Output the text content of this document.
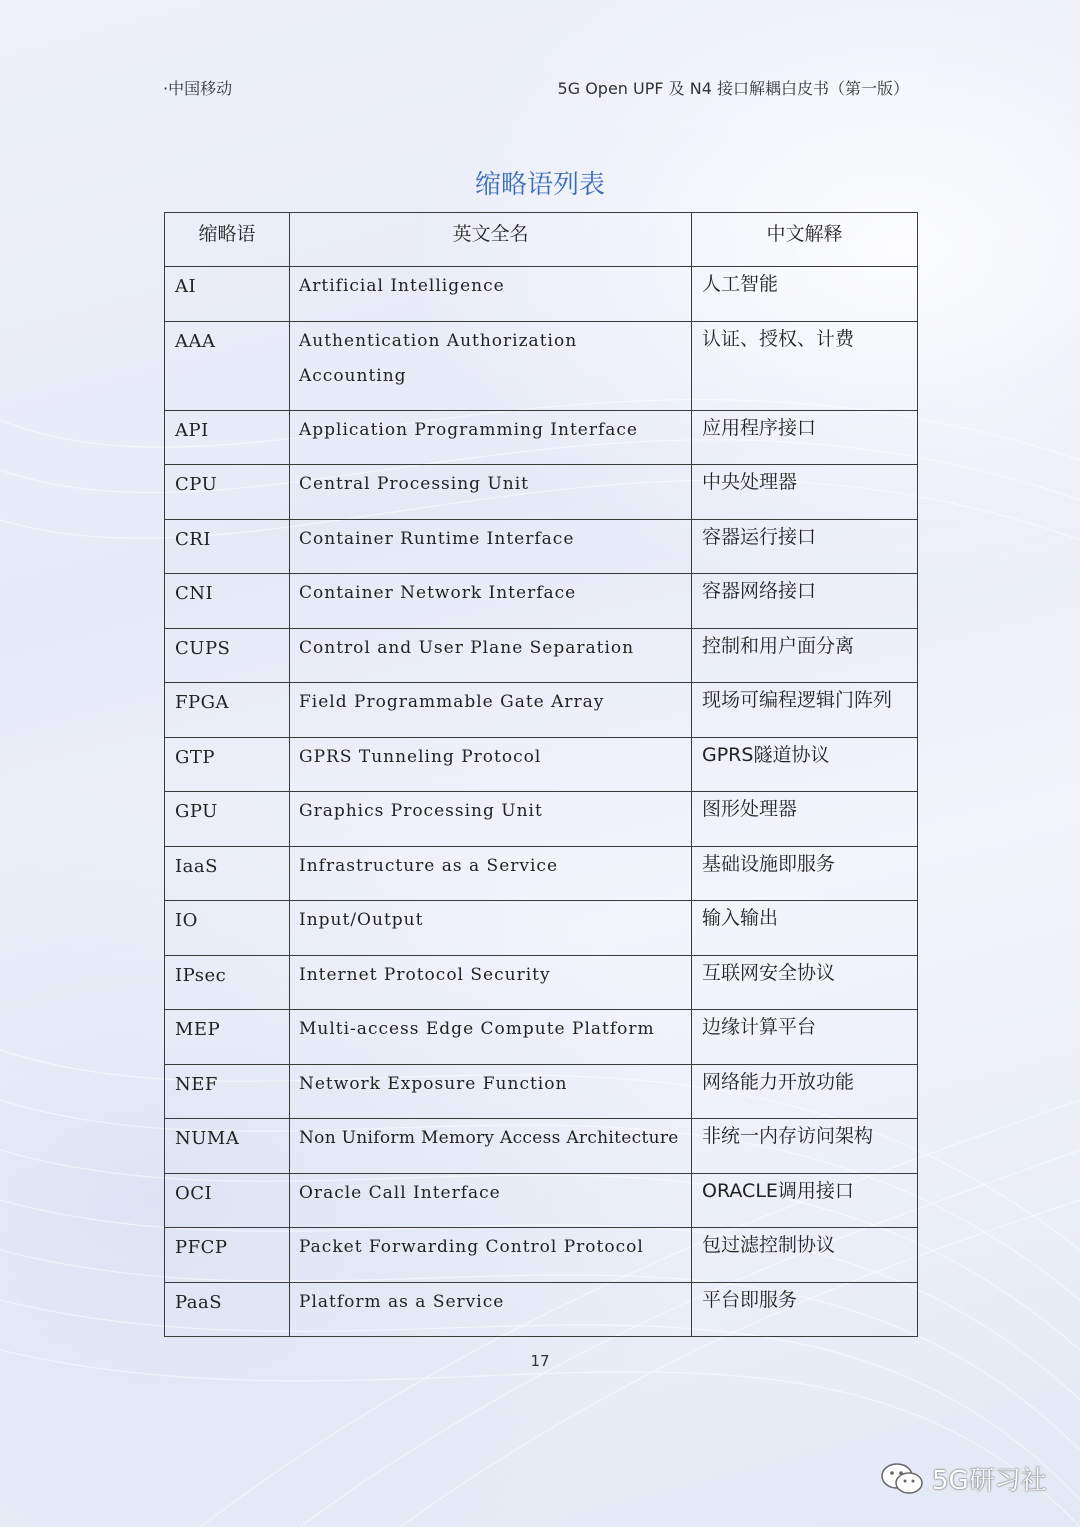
·中国移动	5G Open UPF 及 N4 接口解耦白皮书（第一版）
缩略语列表
缩略语	英文全名	中文解释
AI	Artificial Intelligence	人工智能
AAA	Authentication Authorization Accounting	认证、授权、计费
API	Application Programming Interface	应用程序接口
CPU	Central Processing Unit	中央处理器
CRI	Container Runtime Interface	容器运行接口
CNI	Container Network Interface	容器网络接口
CUPS	Control and User Plane Separation	控制和用户面分离
FPGA	Field Programmable Gate Array	现场可编程逻辑门阵列
GTP	GPRS Tunneling Protocol	GPRS隧道协议
GPU	Graphics Processing Unit	图形处理器
IaaS	Infrastructure as a Service	基础设施即服务
IO	Input/Output	输入输出
IPsec	Internet Protocol Security	互联网安全协议
MEP	Multi-access Edge Compute Platform	边缘计算平台
NEF	Network Exposure Function	网络能力开放功能
NUMA	Non Uniform Memory Access Architecture	非统一内存访问架构
OCI	Oracle Call Interface	ORACLE调用接口
PFCP	Packet Forwarding Control Protocol	包过滤控制协议
PaaS	Platform as a Service	平台即服务
17
5G研习社
